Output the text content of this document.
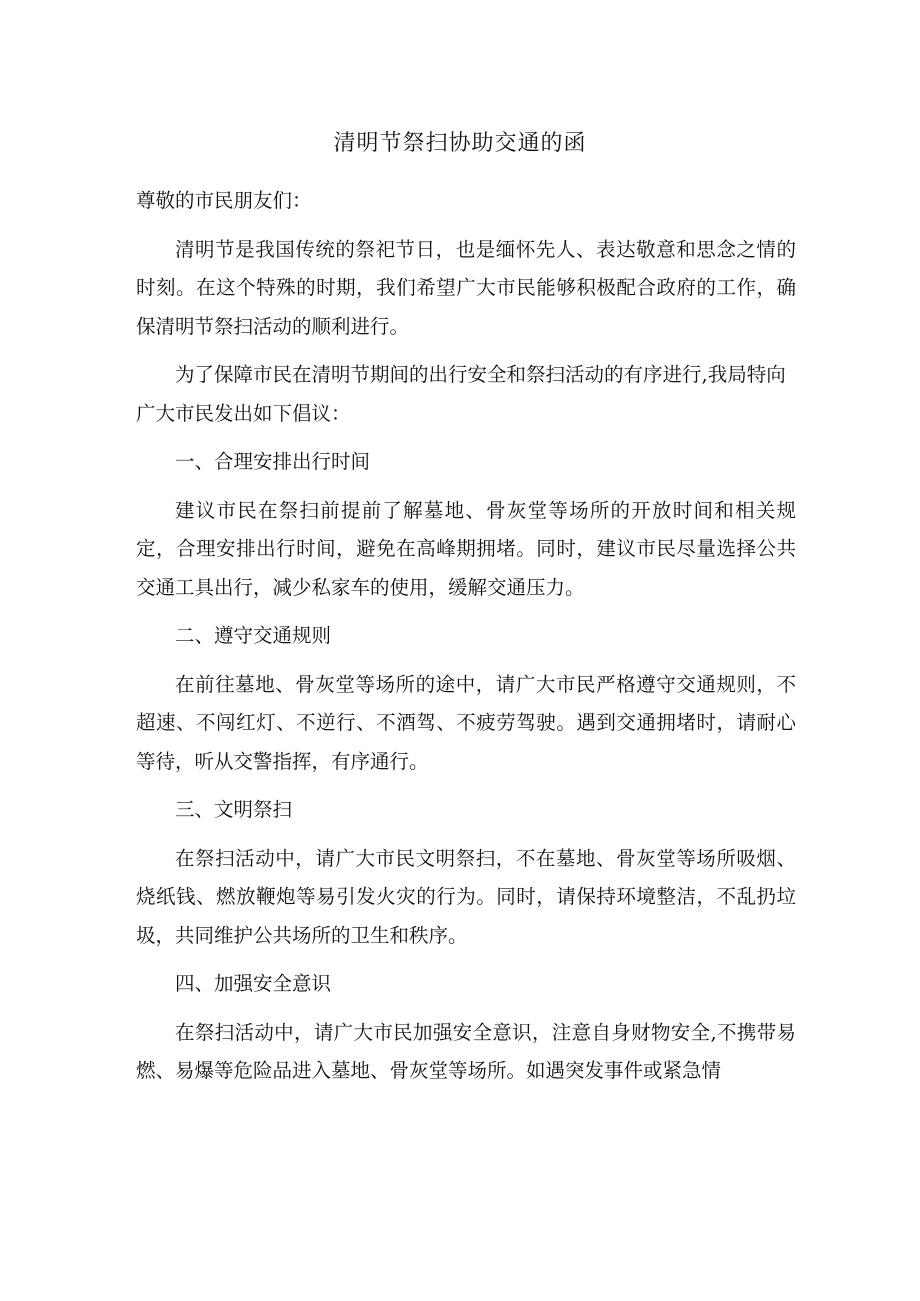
清明节祭扫协助交通的函

尊敬的市民朋友们：

清明节是我国传统的祭祀节日，也是缅怀先人、表达敬意和思念之情的时刻。在这个特殊的时期，我们希望广大市民能够积极配合政府的工作，确保清明节祭扫活动的顺利进行。

为了保障市民在清明节期间的出行安全和祭扫活动的有序进行,我局特向广大市民发出如下倡议：

一、合理安排出行时间

建议市民在祭扫前提前了解墓地、骨灰堂等场所的开放时间和相关规定，合理安排出行时间，避免在高峰期拥堵。同时，建议市民尽量选择公共交通工具出行，减少私家车的使用，缓解交通压力。

二、遵守交通规则

在前往墓地、骨灰堂等场所的途中，请广大市民严格遵守交通规则，不超速、不闯红灯、不逆行、不酒驾、不疲劳驾驶。遇到交通拥堵时，请耐心等待，听从交警指挥，有序通行。

三、文明祭扫

在祭扫活动中，请广大市民文明祭扫，不在墓地、骨灰堂等场所吸烟、烧纸钱、燃放鞭炮等易引发火灾的行为。同时，请保持环境整洁，不乱扔垃圾，共同维护公共场所的卫生和秩序。

四、加强安全意识

在祭扫活动中，请广大市民加强安全意识，注意自身财物安全,不携带易燃、易爆等危险品进入墓地、骨灰堂等场所。如遇突发事件或紧急情
